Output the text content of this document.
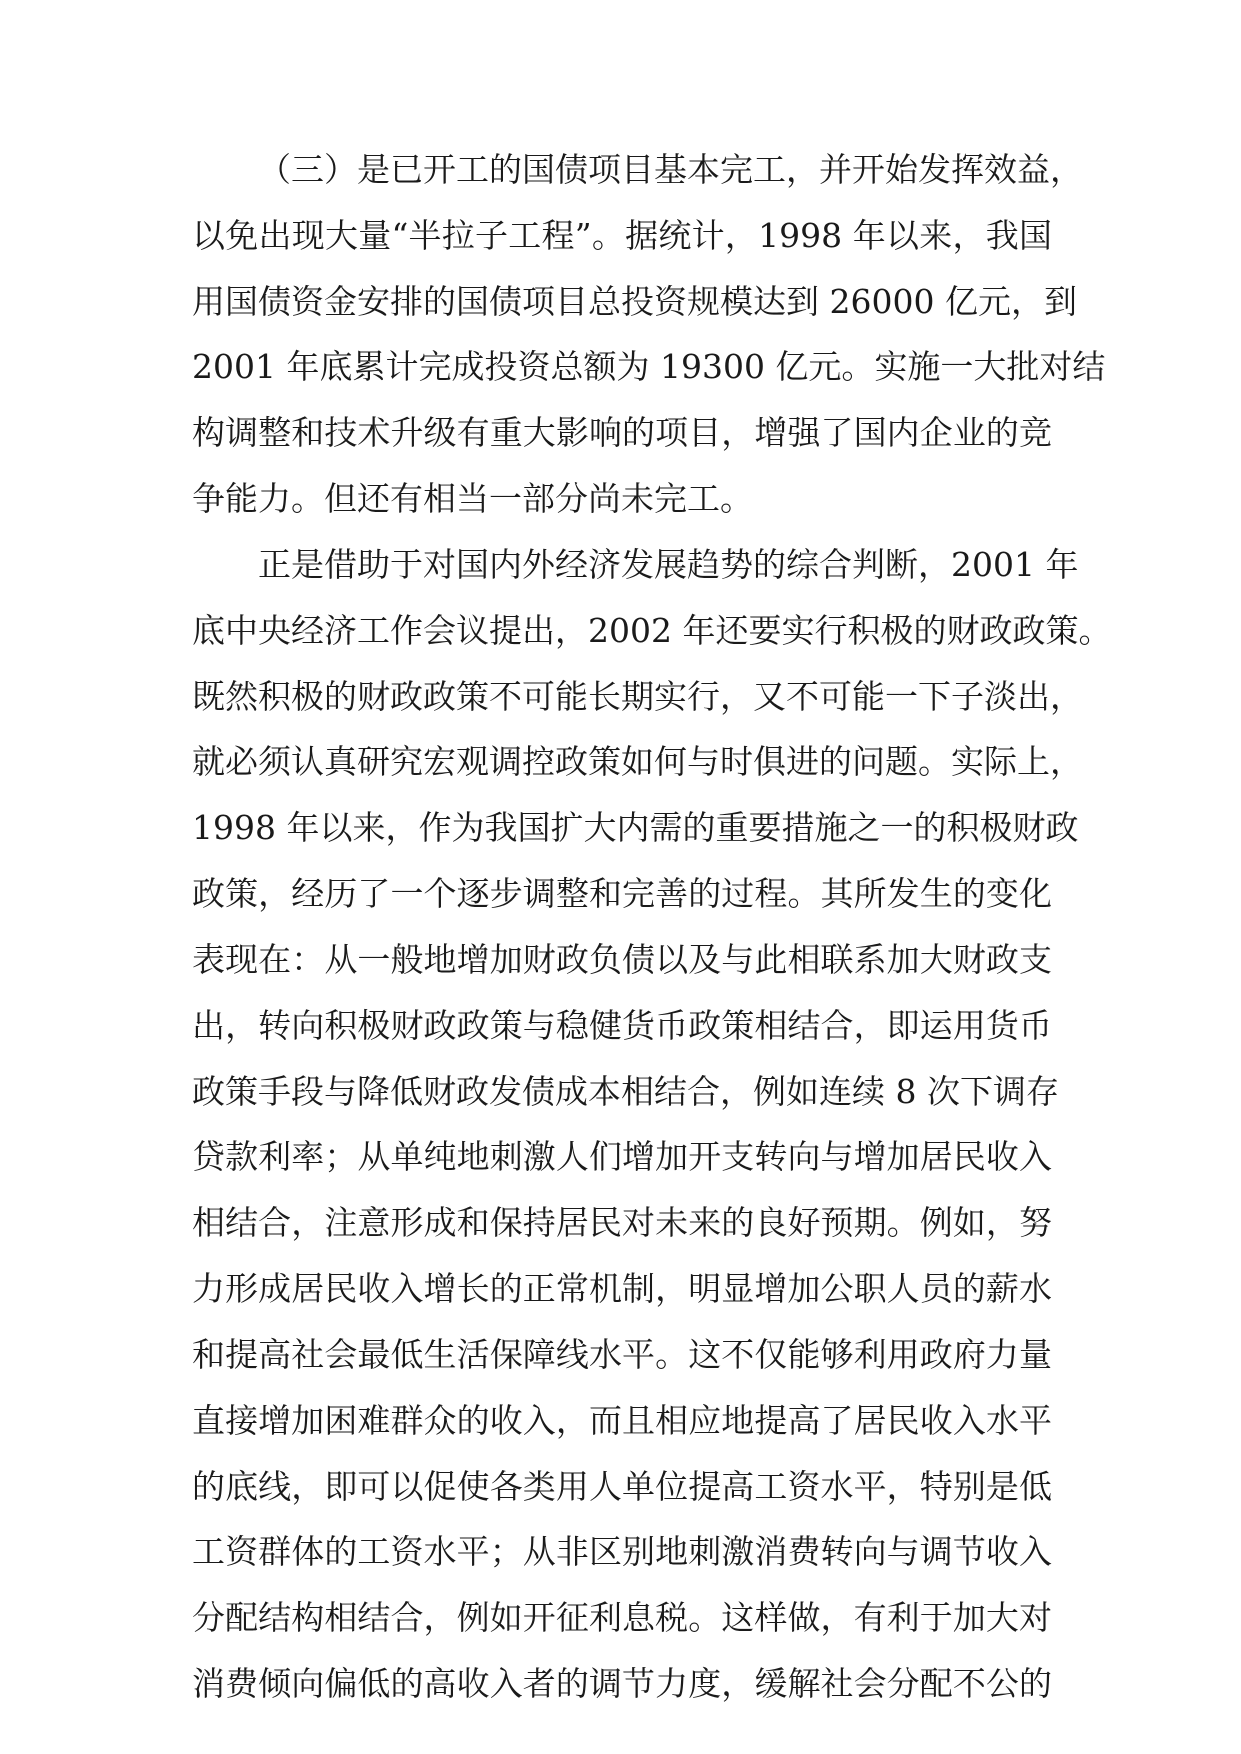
（三）是已开工的国债项目基本完工，并开始发挥效益，
以免出现大量“半拉子工程”。据统计，1998 年以来，我国
用国债资金安排的国债项目总投资规模达到 26000 亿元，到
2001 年底累计完成投资总额为 19300 亿元。实施一大批对结
构调整和技术升级有重大影响的项目，增强了国内企业的竞
争能力。但还有相当一部分尚未完工。
正是借助于对国内外经济发展趋势的综合判断，2001 年
底中央经济工作会议提出，2002 年还要实行积极的财政政策。
既然积极的财政政策不可能长期实行，又不可能一下子淡出，
就必须认真研究宏观调控政策如何与时俱进的问题。实际上，
1998 年以来，作为我国扩大内需的重要措施之一的积极财政
政策，经历了一个逐步调整和完善的过程。其所发生的变化
表现在：从一般地增加财政负债以及与此相联系加大财政支
出，转向积极财政政策与稳健货币政策相结合，即运用货币
政策手段与降低财政发债成本相结合，例如连续 8 次下调存
贷款利率；从单纯地刺激人们增加开支转向与增加居民收入
相结合，注意形成和保持居民对未来的良好预期。例如，努
力形成居民收入增长的正常机制，明显增加公职人员的薪水
和提高社会最低生活保障线水平。这不仅能够利用政府力量
直接增加困难群众的收入，而且相应地提高了居民收入水平
的底线，即可以促使各类用人单位提高工资水平，特别是低
工资群体的工资水平；从非区别地刺激消费转向与调节收入
分配结构相结合，例如开征利息税。这样做，有利于加大对
消费倾向偏低的高收入者的调节力度，缓解社会分配不公的
